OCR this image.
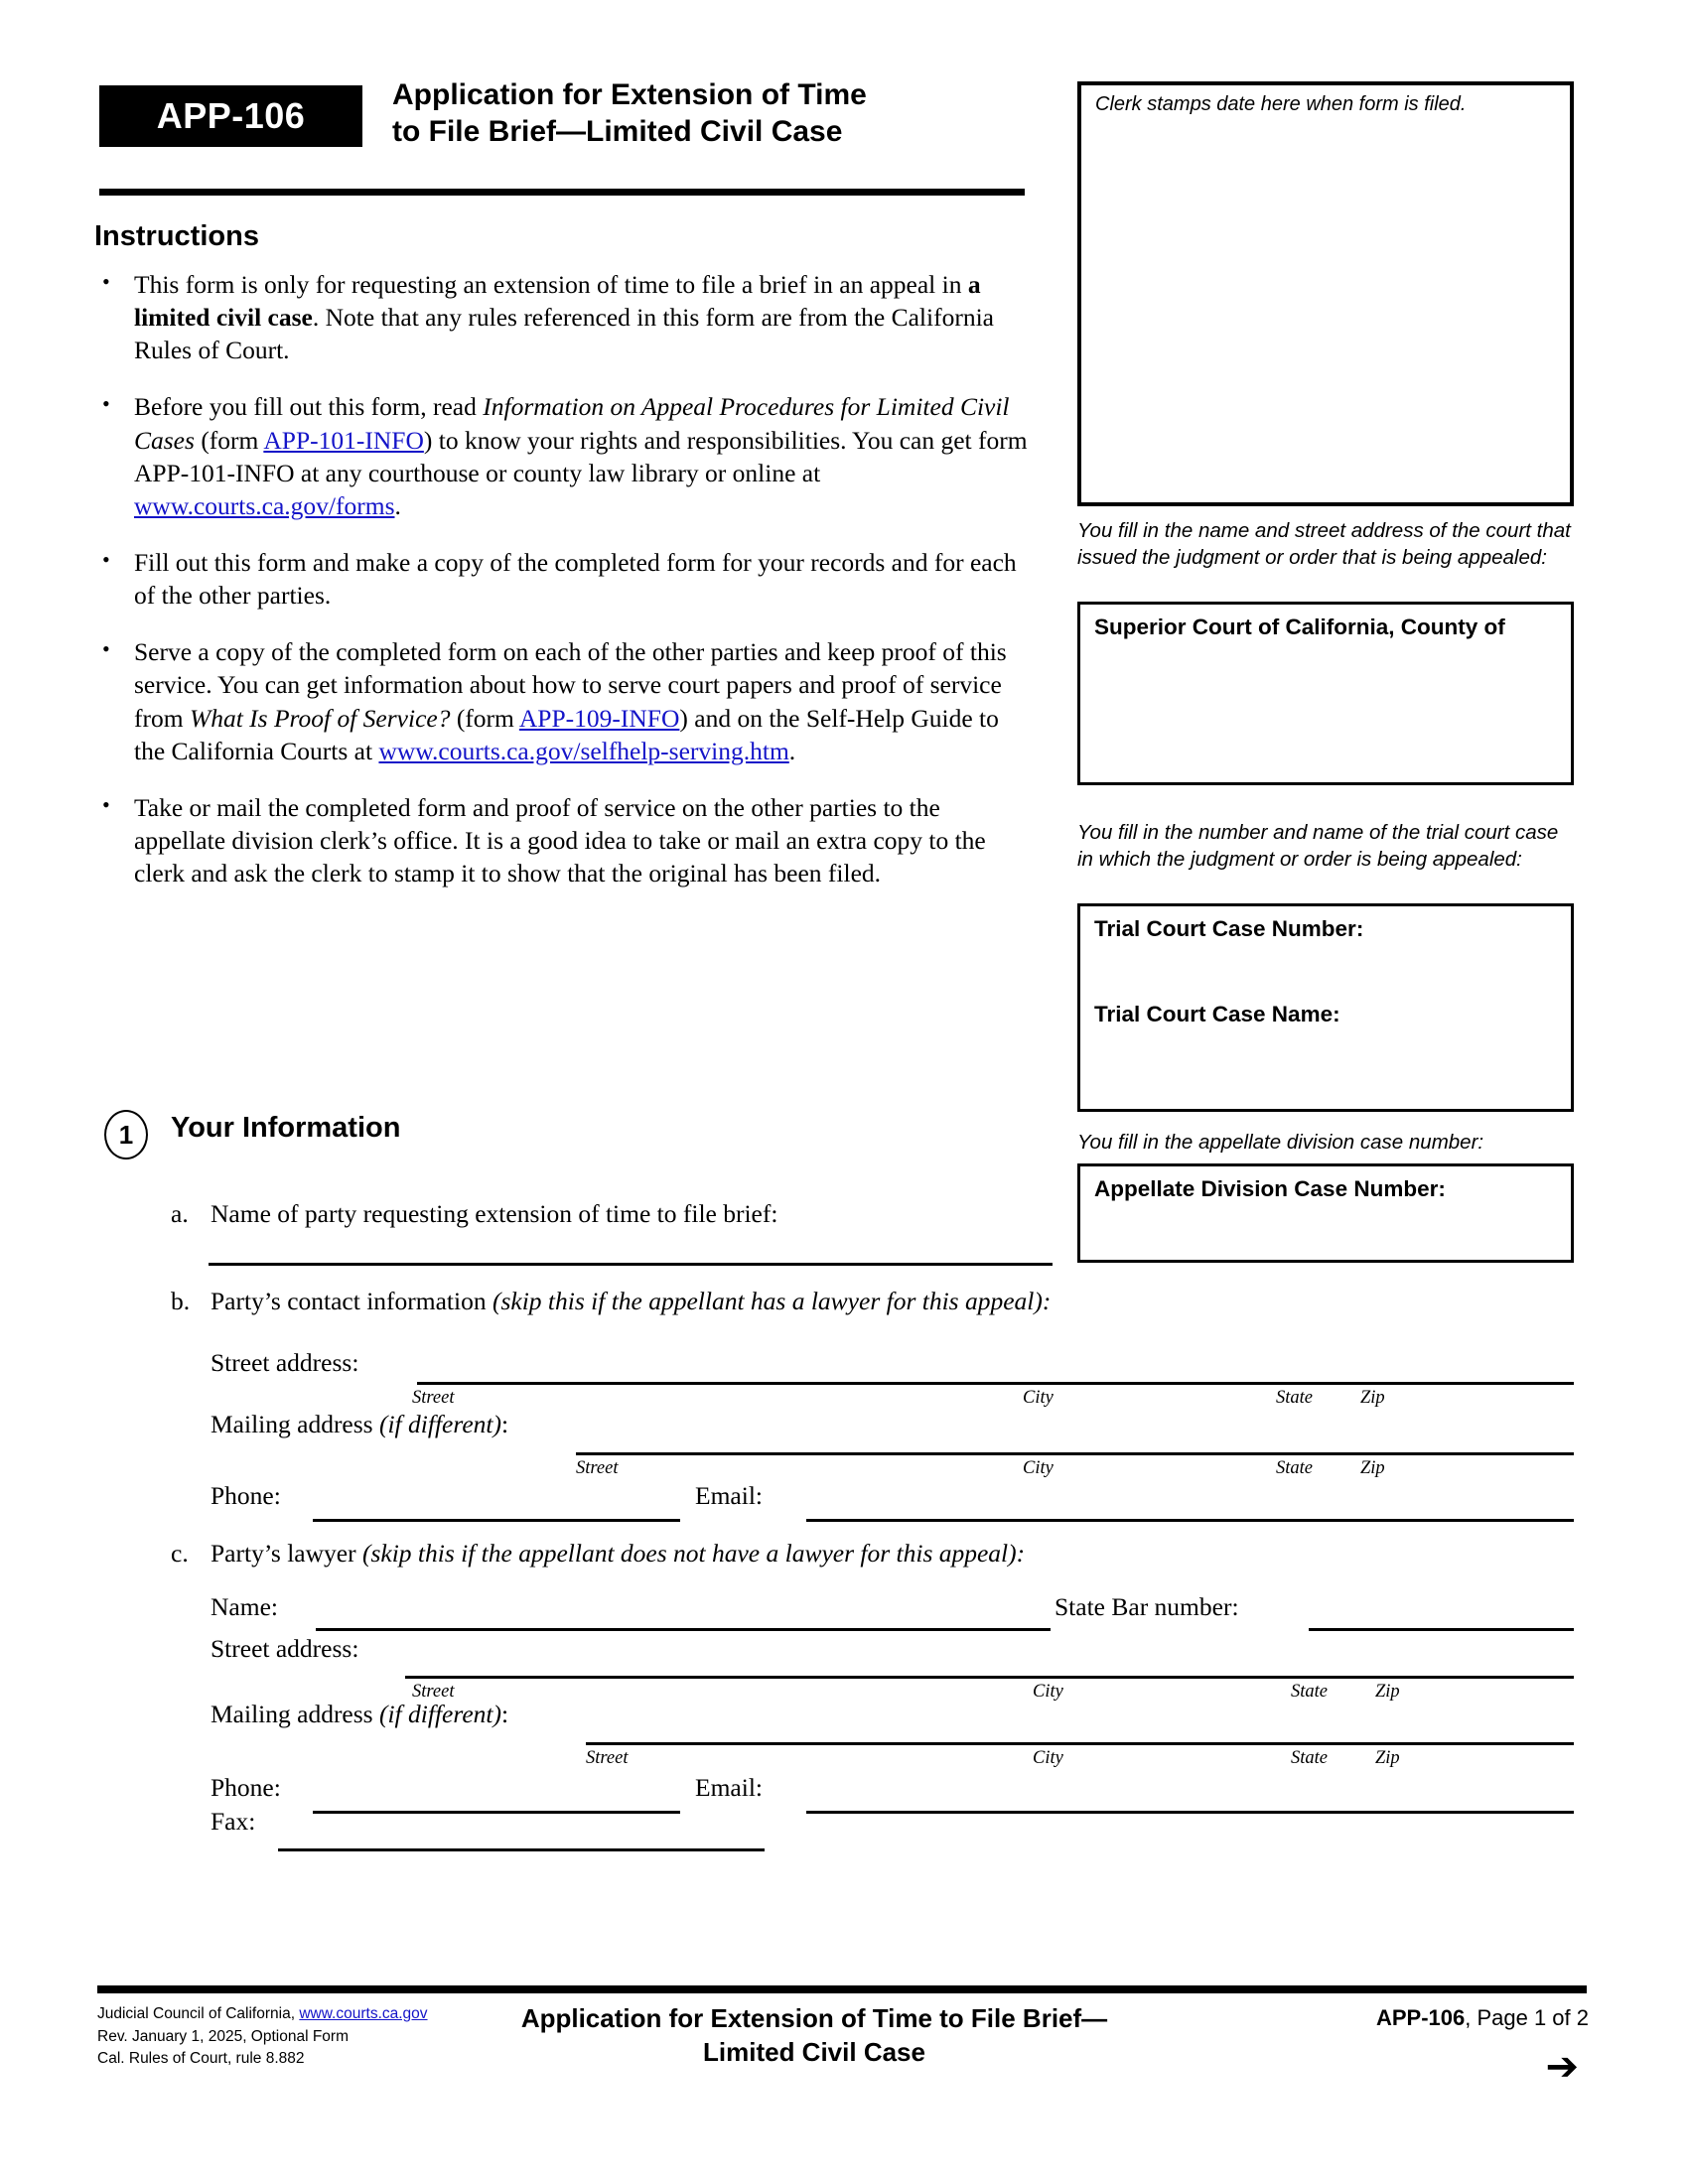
APP-106
Application for Extension of Time
to File Brief—Limited Civil Case
Instructions
• This form is only for requesting an extension of time to file a brief in an appeal in a limited civil case. Note that any rules referenced in this form are from the California Rules of Court.
• Before you fill out this form, read Information on Appeal Procedures for Limited Civil Cases (form APP-101-INFO) to know your rights and responsibilities. You can get form APP-101-INFO at any courthouse or county law library or online at www.courts.ca.gov/forms.
• Fill out this form and make a copy of the completed form for your records and for each of the other parties.
• Serve a copy of the completed form on each of the other parties and keep proof of this service. You can get information about how to serve court papers and proof of service from What Is Proof of Service? (form APP-109-INFO) and on the Self-Help Guide to the California Courts at www.courts.ca.gov/selfhelp-serving.htm.
• Take or mail the completed form and proof of service on the other parties to the appellate division clerk’s office. It is a good idea to take or mail an extra copy to the clerk and ask the clerk to stamp it to show that the original has been filed.
Clerk stamps date here when form is filed.
You fill in the name and street address of the court that issued the judgment or order that is being appealed:
Superior Court of California, County of
You fill in the number and name of the trial court case in which the judgment or order is being appealed:
Trial Court Case Number:
Trial Court Case Name:
You fill in the appellate division case number:
Appellate Division Case Number:
1	Your Information
a. Name of party requesting extension of time to file brief:
b. Party’s contact information (skip this if the appellant has a lawyer for this appeal):
Street address:
Street	City	State	Zip
Mailing address (if different):
Street	City	State	Zip
Phone:	Email:
c. Party’s lawyer (skip this if the appellant does not have a lawyer for this appeal):
Name:	State Bar number:
Street address:
Street	City	State	Zip
Mailing address (if different):
Street	City	State	Zip
Phone:	Email:
Fax:
Judicial Council of California, www.courts.ca.gov
Rev. January 1, 2025, Optional Form
Cal. Rules of Court, rule 8.882
Application for Extension of Time to File Brief—
Limited Civil Case
APP-106, Page 1 of 2
➔
